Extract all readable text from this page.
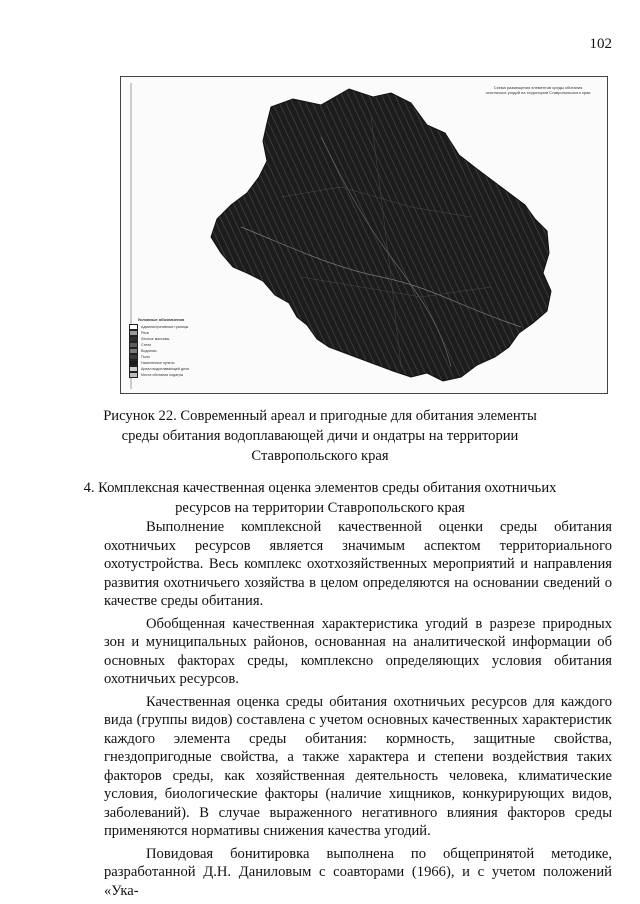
102
Схема размещения элементов среды обитания
охотничьих угодий на территории Ставропольского края
Условные обозначения
Административные границы
Реки
Лесные массивы
Степи
Водоемы
Поля
Населенные пункты
Ареал водоплавающей дичи
Места обитания ондатры
Рисунок 22. Современный ареал и пригодные для обитания элементы среды обитания водоплавающей дичи и ондатры на территории Ставропольского края
4. Комплексная качественная оценка элементов среды обитания охотничьих ресурсов на территории Ставропольского края

Выполнение комплексной качественной оценки среды обитания охотничьих ресурсов является значимым аспектом территориального охотустройства. Весь комплекс охотхозяйственных мероприятий и направления развития охотничьего хозяйства в целом определяются на основании сведений о качестве среды обитания.

Обобщенная качественная характеристика угодий в разрезе природных зон и муниципальных районов, основанная на аналитической информации об основных факторах среды, комплексно определяющих условия обитания охотничьих ресурсов.

Качественная оценка среды обитания охотничьих ресурсов для каждого вида (группы видов) составлена с учетом основных качественных характеристик каждого элемента среды обитания: кормность, защитные свойства, гнездопригодные свойства, а также характера и степени воздействия таких факторов среды, как хозяйственная деятельность человека, климатические условия, биологические факторы (наличие хищников, конкурирующих видов, заболеваний). В случае выраженного негативного влияния факторов среды применяются нормативы снижения качества угодий.

Повидовая бонитировка выполнена по общепринятой методике, разработанной Д.Н. Даниловым с соавторами (1966), и с учетом положений «Ука-
